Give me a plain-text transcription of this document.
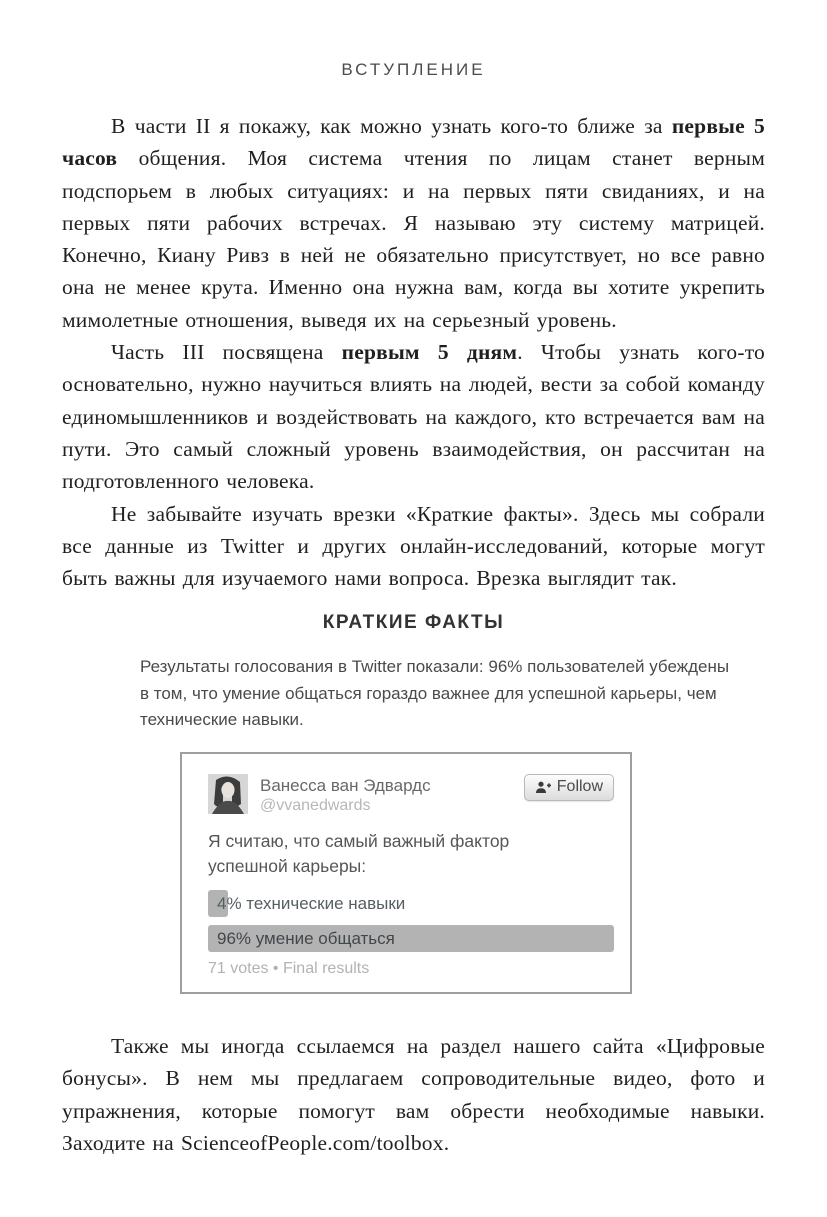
ВСТУПЛЕНИЕ

В части II я покажу, как можно узнать кого-то ближе за первые 5 часов общения. Моя система чтения по лицам станет верным подспорьем в любых ситуациях: и на первых пяти свиданиях, и на первых пяти рабочих встречах. Я называю эту систему матрицей. Конечно, Киану Ривз в ней не обязательно присутствует, но все равно она не менее крута. Именно она нужна вам, когда вы хотите укрепить мимолетные отношения, выведя их на серьезный уровень.

Часть III посвящена первым 5 дням. Чтобы узнать кого-то основательно, нужно научиться влиять на людей, вести за собой команду единомышленников и воздействовать на каждого, кто встречается вам на пути. Это самый сложный уровень взаимодействия, он рассчитан на подготовленного человека.

Не забывайте изучать врезки «Краткие факты». Здесь мы собрали все данные из Twitter и других онлайн-исследований, которые могут быть важны для изучаемого нами вопроса. Врезка выглядит так.

КРАТКИЕ ФАКТЫ
Результаты голосования в Twitter показали: 96% пользователей убеждены в том, что умение общаться гораздо важнее для успешной карьеры, чем технические навыки.
Ванесса ван Эдвардс
@vvanedwards
Follow
Я считаю, что самый важный фактор успешной карьеры:
4% технические навыки
96% умение общаться
71 votes • Final results

Также мы иногда ссылаемся на раздел нашего сайта «Цифровые бонусы». В нем мы предлагаем сопроводительные видео, фото и упражнения, которые помогут вам обрести необходимые навыки. Заходите на ScienceofPeople.com/toolbox.
